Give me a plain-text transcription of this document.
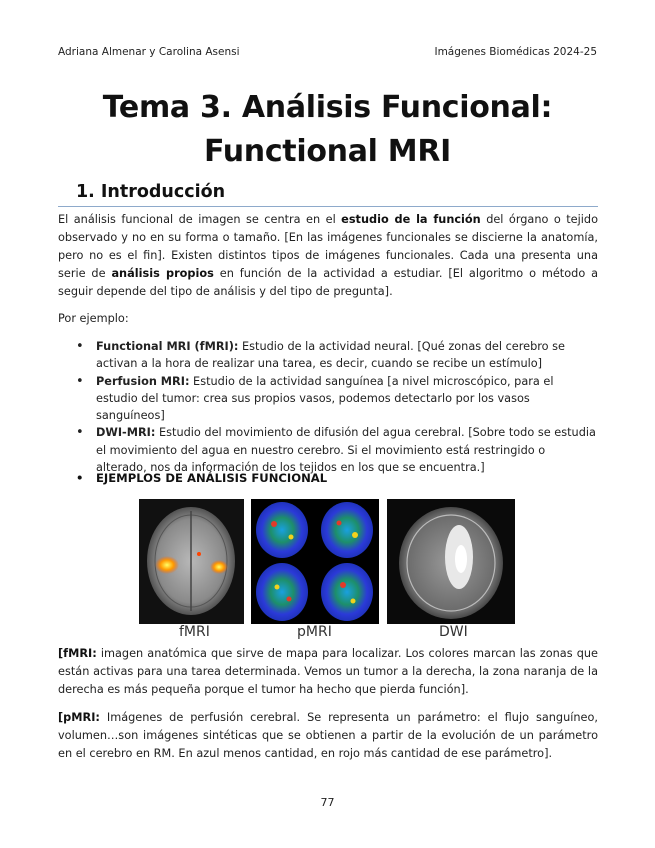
Adriana Almenar y Carolina Asensi	Imágenes Biomédicas 2024-25
Tema 3. Análisis Funcional:
Functional MRI
1. Introducción
El análisis funcional de imagen se centra en el estudio de la función del órgano o tejido observado y no en su forma o tamaño. [En las imágenes funcionales se discierne la anatomía, pero no es el fin]. Existen distintos tipos de imágenes funcionales. Cada una presenta una serie de análisis propios en función de la actividad a estudiar. [El algoritmo o método a seguir depende del tipo de análisis y del tipo de pregunta].
Por ejemplo:
• Functional MRI (fMRI): Estudio de la actividad neural. [Qué zonas del cerebro se activan a la hora de realizar una tarea, es decir, cuando se recibe un estímulo]
• Perfusion MRI: Estudio de la actividad sanguínea [a nivel microscópico, para el estudio del tumor: crea sus propios vasos, podemos detectarlo por los vasos sanguíneos]
• DWI-MRI: Estudio del movimiento de difusión del agua cerebral. [Sobre todo se estudia el movimiento del agua en nuestro cerebro. Si el movimiento está restringido o alterado, nos da información de los tejidos en los que se encuentra.]
• EJEMPLOS DE ANÁLISIS FUNCIONAL
fMRI	pMRI	DWI
[fMRI: imagen anatómica que sirve de mapa para localizar. Los colores marcan las zonas que están activas para una tarea determinada. Vemos un tumor a la derecha, la zona naranja de la derecha es más pequeña porque el tumor ha hecho que pierda función].
[pMRI: Imágenes de perfusión cerebral. Se representa un parámetro: el flujo sanguíneo, volumen…son imágenes sintéticas que se obtienen a partir de la evolución de un parámetro en el cerebro en RM. En azul menos cantidad, en rojo más cantidad de ese parámetro].
77
